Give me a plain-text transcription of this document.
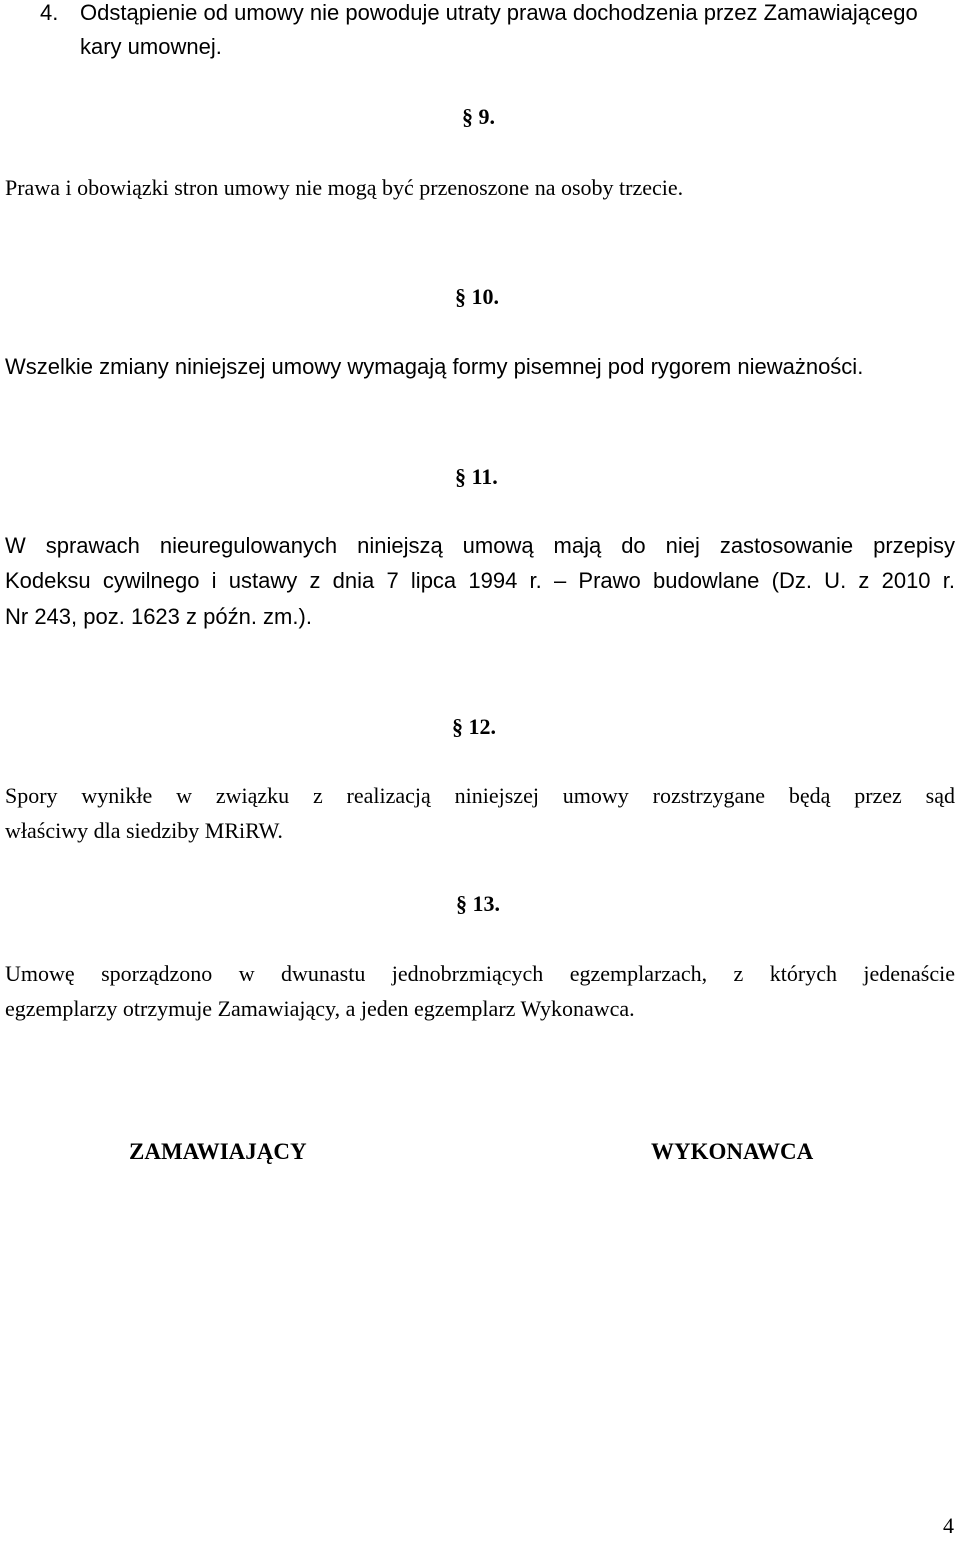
4. Odstąpienie od umowy nie powoduje utraty prawa dochodzenia przez Zamawiającego
kary umownej.
§ 9.
Prawa i obowiązki stron umowy nie mogą być przenoszone na osoby trzecie.
§ 10.
Wszelkie zmiany niniejszej umowy wymagają formy pisemnej pod rygorem nieważności.
§ 11.
W sprawach nieuregulowanych niniejszą umową mają do niej zastosowanie przepisy
Kodeksu cywilnego i ustawy z dnia 7 lipca 1994 r. – Prawo budowlane (Dz. U. z 2010 r.
Nr 243, poz. 1623 z późn. zm.).
§ 12.
Spory wynikłe w związku z realizacją niniejszej umowy rozstrzygane będą przez sąd
właściwy dla siedziby MRiRW.
§ 13.
Umowę sporządzono w dwunastu jednobrzmiących egzemplarzach, z których jedenaście
egzemplarzy otrzymuje Zamawiający, a jeden egzemplarz Wykonawca.
ZAMAWIAJĄCY	WYKONAWCA
4
